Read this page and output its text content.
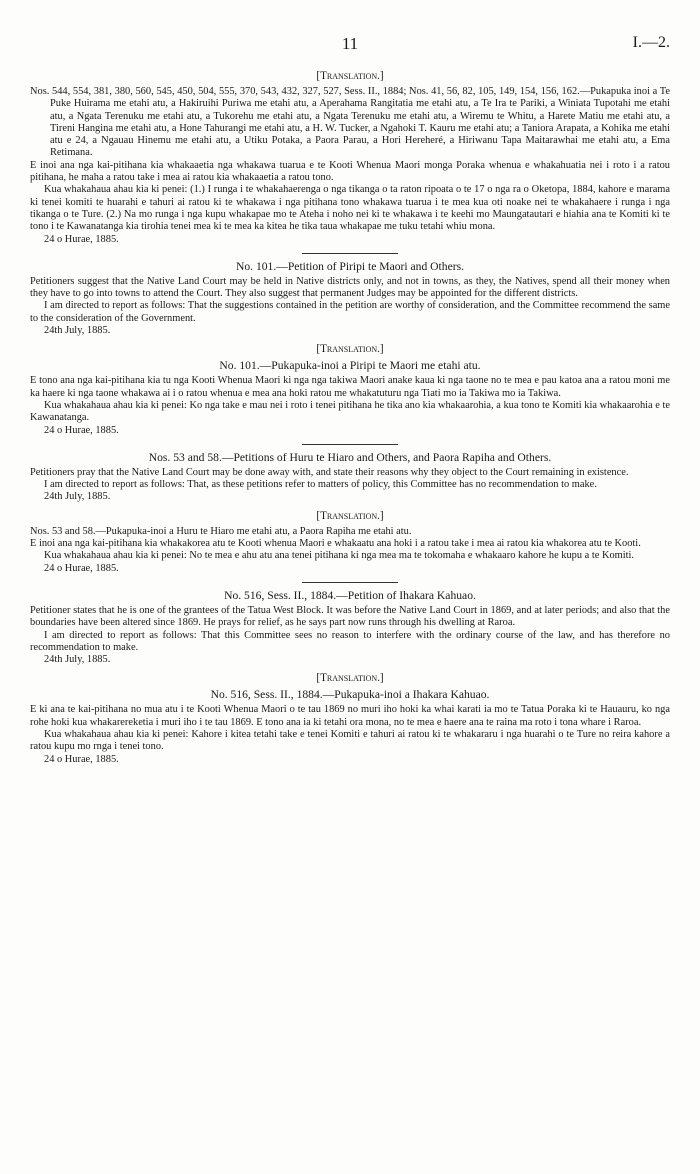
11	I.—2.
[Translation.]
Nos. 544, 554, 381, 380, 560, 545, 450, 504, 555, 370, 543, 432, 327, 527, Sess. II., 1884; Nos. 41, 56, 82, 105, 149, 154, 156, 162.—Pukapuka inoi a Te Puke Huirama me etahi atu, a Hakiruihi Puriwa me etahi atu, a Aperahama Rangitatia me etahi atu, a Te Ira te Pariki, a Winiata Tupotahi me etahi atu, a Ngata Terenuku me etahi atu, a Tukorehu me etahi atu, a Ngata Terenuku me etahi atu, a Wiremu te Whitu, a Harete Matiu me etahi atu, a Tireni Hangina me etahi atu, a Hone Tahurangi me etahi atu, a H. W. Tucker, a Ngahoki T. Kauru me etahi atu; a Taniora Arapata, a Kohika me etahi atu e 24, a Ngauau Hinemu me etahi atu, a Utiku Potaka, a Paora Parau, a Hori Hereheré, a Hiriwanu Tapa Maitarawhai me etahi atu, a Ema Retimana.
E inoi ana nga kai-pitihana kia whakaaetia nga whakawa tuarua e te Kooti Whenua Maori monga Poraka whenua e whakahuatia nei i roto i a ratou pitihana, he maha a ratou take i mea ai ratou kia whakaaetia a ratou tono.
Kua whakahaua ahau kia ki penei: (1.) I runga i te whakahaerenga o nga tikanga o ta raton ripoata o te 17 o nga ra o Oketopa, 1884, kahore e marama ki tenei komiti te huarahi e tahuri ai ratou ki te whakawa i nga pitihana tono whakawa tuarua i te mea kua oti noake nei te whakahaere i runga i nga tikanga o te Ture. (2.) Na mo runga i nga kupu whakapae mo te Ateha i noho nei ki te whakawa i te keehi mo Maungatautari e hiahia ana te Komiti ki te tono i te Kawanatanga kia tirohia tenei mea ki te mea ka kitea he tika taua whakapae me tuku tetahi whiu mona.
24 o Hurae, 1885.
No. 101.—Petition of Piripi te Maori and Others.
Petitioners suggest that the Native Land Court may be held in Native districts only, and not in towns, as they, the Natives, spend all their money when they have to go into towns to attend the Court. They also suggest that permanent Judges may be appointed for the different districts.
I am directed to report as follows: That the suggestions contained in the petition are worthy of consideration, and the Committee recommend the same to the consideration of the Government.
24th July, 1885.
[Translation.]
No. 101.—Pukapuka-inoi a Piripi te Maori me etahi atu.
E tono ana nga kai-pitihana kia tu nga Kooti Whenua Maori ki nga nga takiwa Maori anake kaua ki nga taone no te mea e pau katoa ana a ratou moni me ka haere ki nga taone whakawa ai i o ratou whenua e mea ana hoki ratou me whakatuturu nga Tiati mo ia Takiwa mo ia Takiwa.
Kua whakahaua ahau kia ki penei: Ko nga take e mau nei i roto i tenei pitihana he tika ano kia whakaarohia, a kua tono te Komiti kia whakaarohia e te Kawanatanga.
24 o Hurae, 1885.
Nos. 53 and 58.—Petitions of Huru te Hiaro and Others, and Paora Rapiha and Others.
Petitioners pray that the Native Land Court may be done away with, and state their reasons why they object to the Court remaining in existence.
I am directed to report as follows: That, as these petitions refer to matters of policy, this Committee has no recommendation to make.
24th July, 1885.
[Translation.]
Nos. 53 and 58.—Pukapuka-inoi a Huru te Hiaro me etahi atu, a Paora Rapiha me etahi atu.
E inoi ana nga kai-pitihana kia whakakorea atu te Kooti whenua Maori e whakaatu ana hoki i a ratou take i mea ai ratou kia whakorea atu te Kooti.
Kua whakahaua ahau kia ki penei: No te mea e ahu atu ana tenei pitihana ki nga mea ma te tokomaha e whakaaro kahore he kupu a te Komiti.
24 o Hurae, 1885.
No. 516, Sess. II., 1884.—Petition of Ihakara Kahuao.
Petitioner states that he is one of the grantees of the Tatua West Block. It was before the Native Land Court in 1869, and at later periods; and also that the boundaries have been altered since 1869. He prays for relief, as he says part now runs through his dwelling at Raroa.
I am directed to report as follows: That this Committee sees no reason to interfere with the ordinary course of the law, and has therefore no recommendation to make.
24th July, 1885.
[Translation.]
No. 516, Sess. II., 1884.—Pukapuka-inoi a Ihakara Kahuao.
E ki ana te kai-pitihana no mua atu i te Kooti Whenua Maori o te tau 1869 no muri iho hoki ka whai karati ia mo te Tatua Poraka ki te Hauauru, ko nga rohe hoki kua whakarereketia i muri iho i te tau 1869. E tono ana ia ki tetahi ora mona, no te mea e haere ana te raina ma roto i tona whare i Raroa.
Kua whakahaua ahau kia ki penei: Kahore i kitea tetahi take e tenei Komiti e tahuri ai ratou ki te whakararu i nga huarahi o te Ture no reira kahore a ratou kupu mo rnga i tenei tono.
24 o Hurae, 1885.
